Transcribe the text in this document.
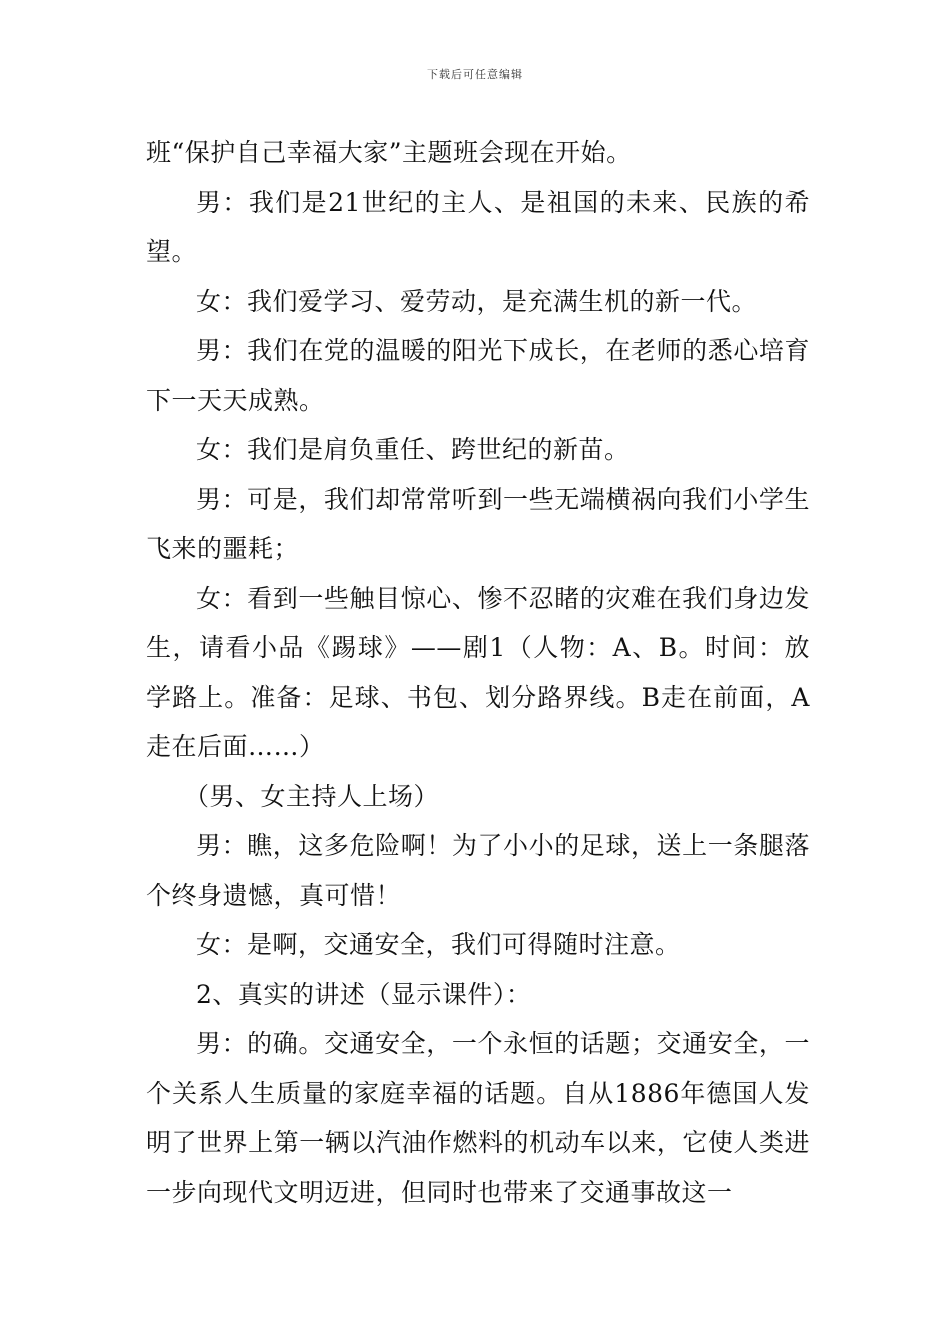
下载后可任意编辑

班“保护自己幸福大家”主题班会现在开始。

男：我们是21世纪的主人、是祖国的未来、民族的希望。

女：我们爱学习、爱劳动，是充满生机的新一代。

男：我们在党的温暖的阳光下成长，在老师的悉心培育下一天天成熟。

女：我们是肩负重任、跨世纪的新苗。

男：可是，我们却常常听到一些无端横祸向我们小学生飞来的噩耗；

女：看到一些触目惊心、惨不忍睹的灾难在我们身边发生，请看小品《踢球》——剧1（人物：A、B。时间：放学路上。准备：足球、书包、划分路界线。B走在前面，A走在后面……）

（男、女主持人上场）

男：瞧，这多危险啊！为了小小的足球，送上一条腿落个终身遗憾，真可惜！

女：是啊，交通安全，我们可得随时注意。

2、真实的讲述（显示课件）：

男：的确。交通安全，一个永恒的话题；交通安全，一个关系人生质量的家庭幸福的话题。自从1886年德国人发明了世界上第一辆以汽油作燃料的机动车以来，它使人类进一步向现代文明迈进，但同时也带来了交通事故这一
